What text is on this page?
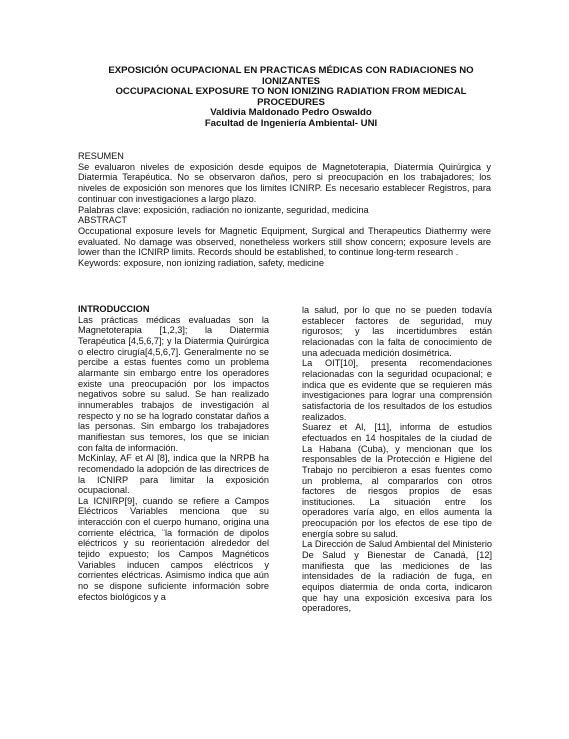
EXPOSICIÓN OCUPACIONAL EN PRACTICAS MÉDICAS CON RADIACIONES NO
IONIZANTES
OCCUPACIONAL EXPOSURE TO NON IONIZING RADIATION FROM MEDICAL
PROCEDURES
Valdivia Maldonado Pedro Oswaldo
Facultad de Ingeniería Ambiental- UNI

RESUMEN

Se evaluaron niveles de exposición desde equipos de Magnetoterapia, Diatermia Quirúrgica y Diatermia Terapéutica. No se observaron daños, pero si preocupación en los trabajadores; los niveles de exposición son menores que los limites ICNIRP. Es necesario establecer Registros, para continuar con investigaciones a largo plazo.

Palabras clave: exposición, radiación no ionizante, seguridad, medicina

ABSTRACT

Occupational exposure levels for Magnetic Equipment, Surgical and Therapeutics Diathermy were evaluated. No damage was observed, nonetheless workers still show concern; exposure levels are lower than the ICNIRP limits. Records should be established, to continue long-term research .

Keywords: exposure, non ionizing radiation, safety, medicine

INTRODUCCION

Las prácticas médicas evaluadas son la Magnetoterapia [1,2,3]; la Diatermia Terapéutica [4,5,6,7]; y la Diatermia Quirúrgica o electro cirugía[4,5,6,7]. Generalmente no se percibe a estas fuentes como un problema alarmante sin embargo entre los operadores existe una preocupación por los impactos negativos sobre su salud. Se han realizado innumerables trabajos de investigación al respecto y no se ha logrado constatar daños a las personas. Sin embargo los trabajadores manifiestan sus temores, los que se inician con falta de información.

McKinlay, AF et Al [8], indica que la NRPB ha recomendado la adopción de las directrices de la ICNIRP para limitar la exposición ocupacional.

La ICNIRP[9], cuando se refiere a Campos Eléctricos Variables menciona que su interacción con el cuerpo humano, origina una corriente eléctrica, ¨la formación de dipolos eléctricos y su reorientación alrededor del tejido expuesto; los Campos Magnéticos Variables inducen campos eléctricos y corrientes eléctricas. Asimismo indica que aún no se dispone suficiente información sobre efectos biológicos y a

la salud, por lo que no se pueden todavía establecer factores de seguridad, muy rigurosos; y las incertidumbres están relacionadas con la falta de conocimiento de una adecuada medición dosimétrica.

La OIT[10], presenta recomendaciones relacionadas con la seguridad ocupacional; e indica que es evidente que se requieren más investigaciones para lograr una comprensión satisfactoria de los resultados de los estudios realizados.

Suarez et Al, [11], informa de estudios efectuados en 14 hospitales de la ciudad de La Habana (Cuba), y mencionan que los responsables de la Protección e Higiene del Trabajo no percibieron a esas fuentes como un problema, al compararlos con otros factores de riesgos propios de esas instituciones. La situación entre los operadores varía algo, en ellos aumenta la preocupación por los efectos de ese tipo de energía sobre su salud.

La Dirección de Salud Ambiental del Ministerio De Salud y Bienestar de Canadá, [12] manifiesta que las mediciones de las intensidades de la radiación de fuga, en equipos diatermia de onda corta, indicaron que hay una exposición excesiva para los operadores,
